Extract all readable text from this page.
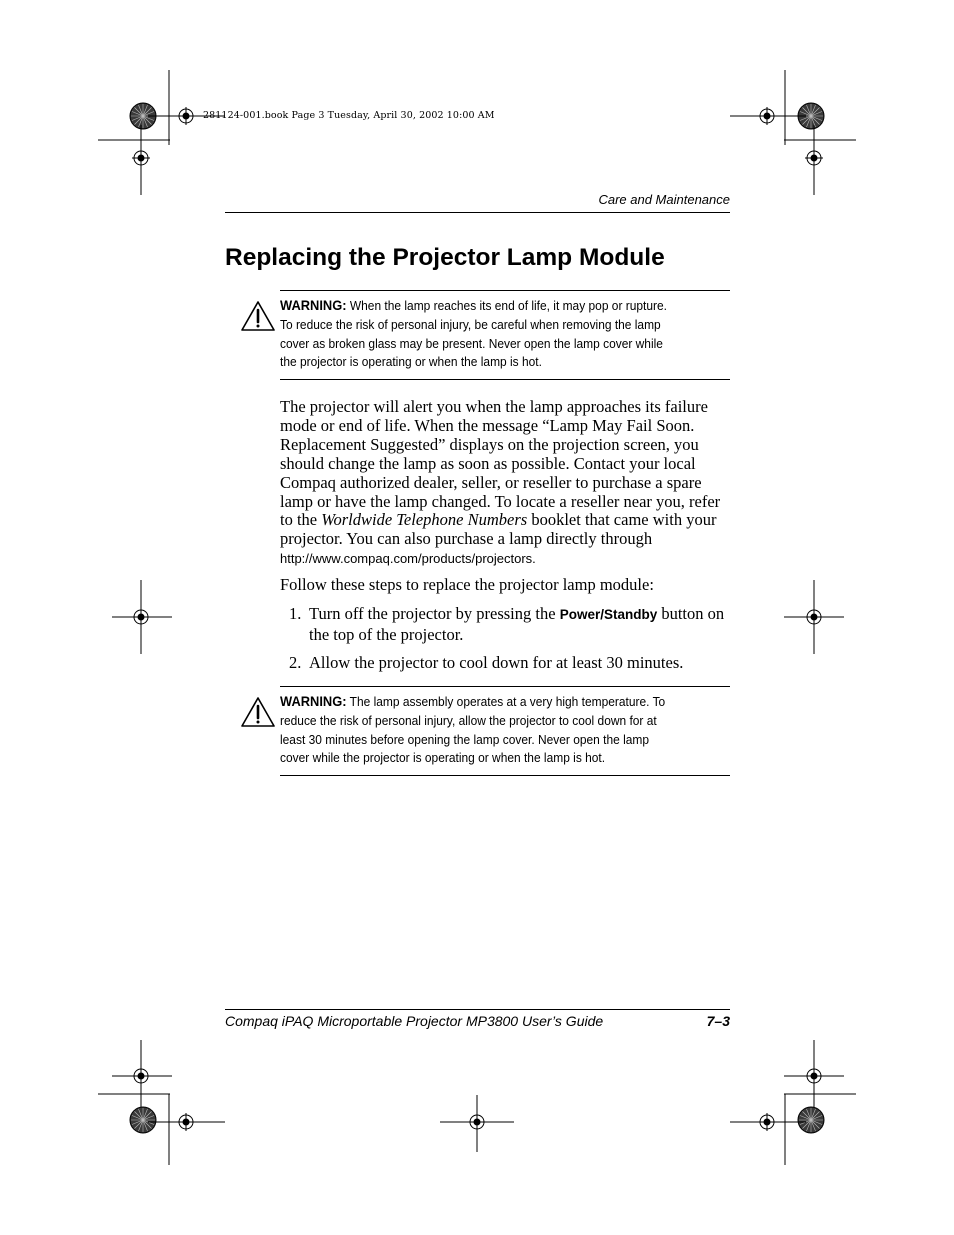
281124-001.book Page 3 Tuesday, April 30, 2002 10:00 AM
Care and Maintenance
Replacing the Projector Lamp Module
WARNING: When the lamp reaches its end of life, it may pop or rupture. To reduce the risk of personal injury, be careful when removing the lamp cover as broken glass may be present. Never open the lamp cover while the projector is operating or when the lamp is hot.
The projector will alert you when the lamp approaches its failure mode or end of life. When the message “Lamp May Fail Soon. Replacement Suggested” displays on the projection screen, you should change the lamp as soon as possible. Contact your local Compaq authorized dealer, seller, or reseller to purchase a spare lamp or have the lamp changed. To locate a reseller near you, refer to the Worldwide Telephone Numbers booklet that came with your projector. You can also purchase a lamp directly through http://www.compaq.com/products/projectors.
Follow these steps to replace the projector lamp module:
1. Turn off the projector by pressing the Power/Standby button on the top of the projector.
2. Allow the projector to cool down for at least 30 minutes.
WARNING: The lamp assembly operates at a very high temperature. To reduce the risk of personal injury, allow the projector to cool down for at least 30 minutes before opening the lamp cover. Never open the lamp cover while the projector is operating or when the lamp is hot.
Compaq iPAQ Microportable Projector MP3800 User’s Guide	7–3
